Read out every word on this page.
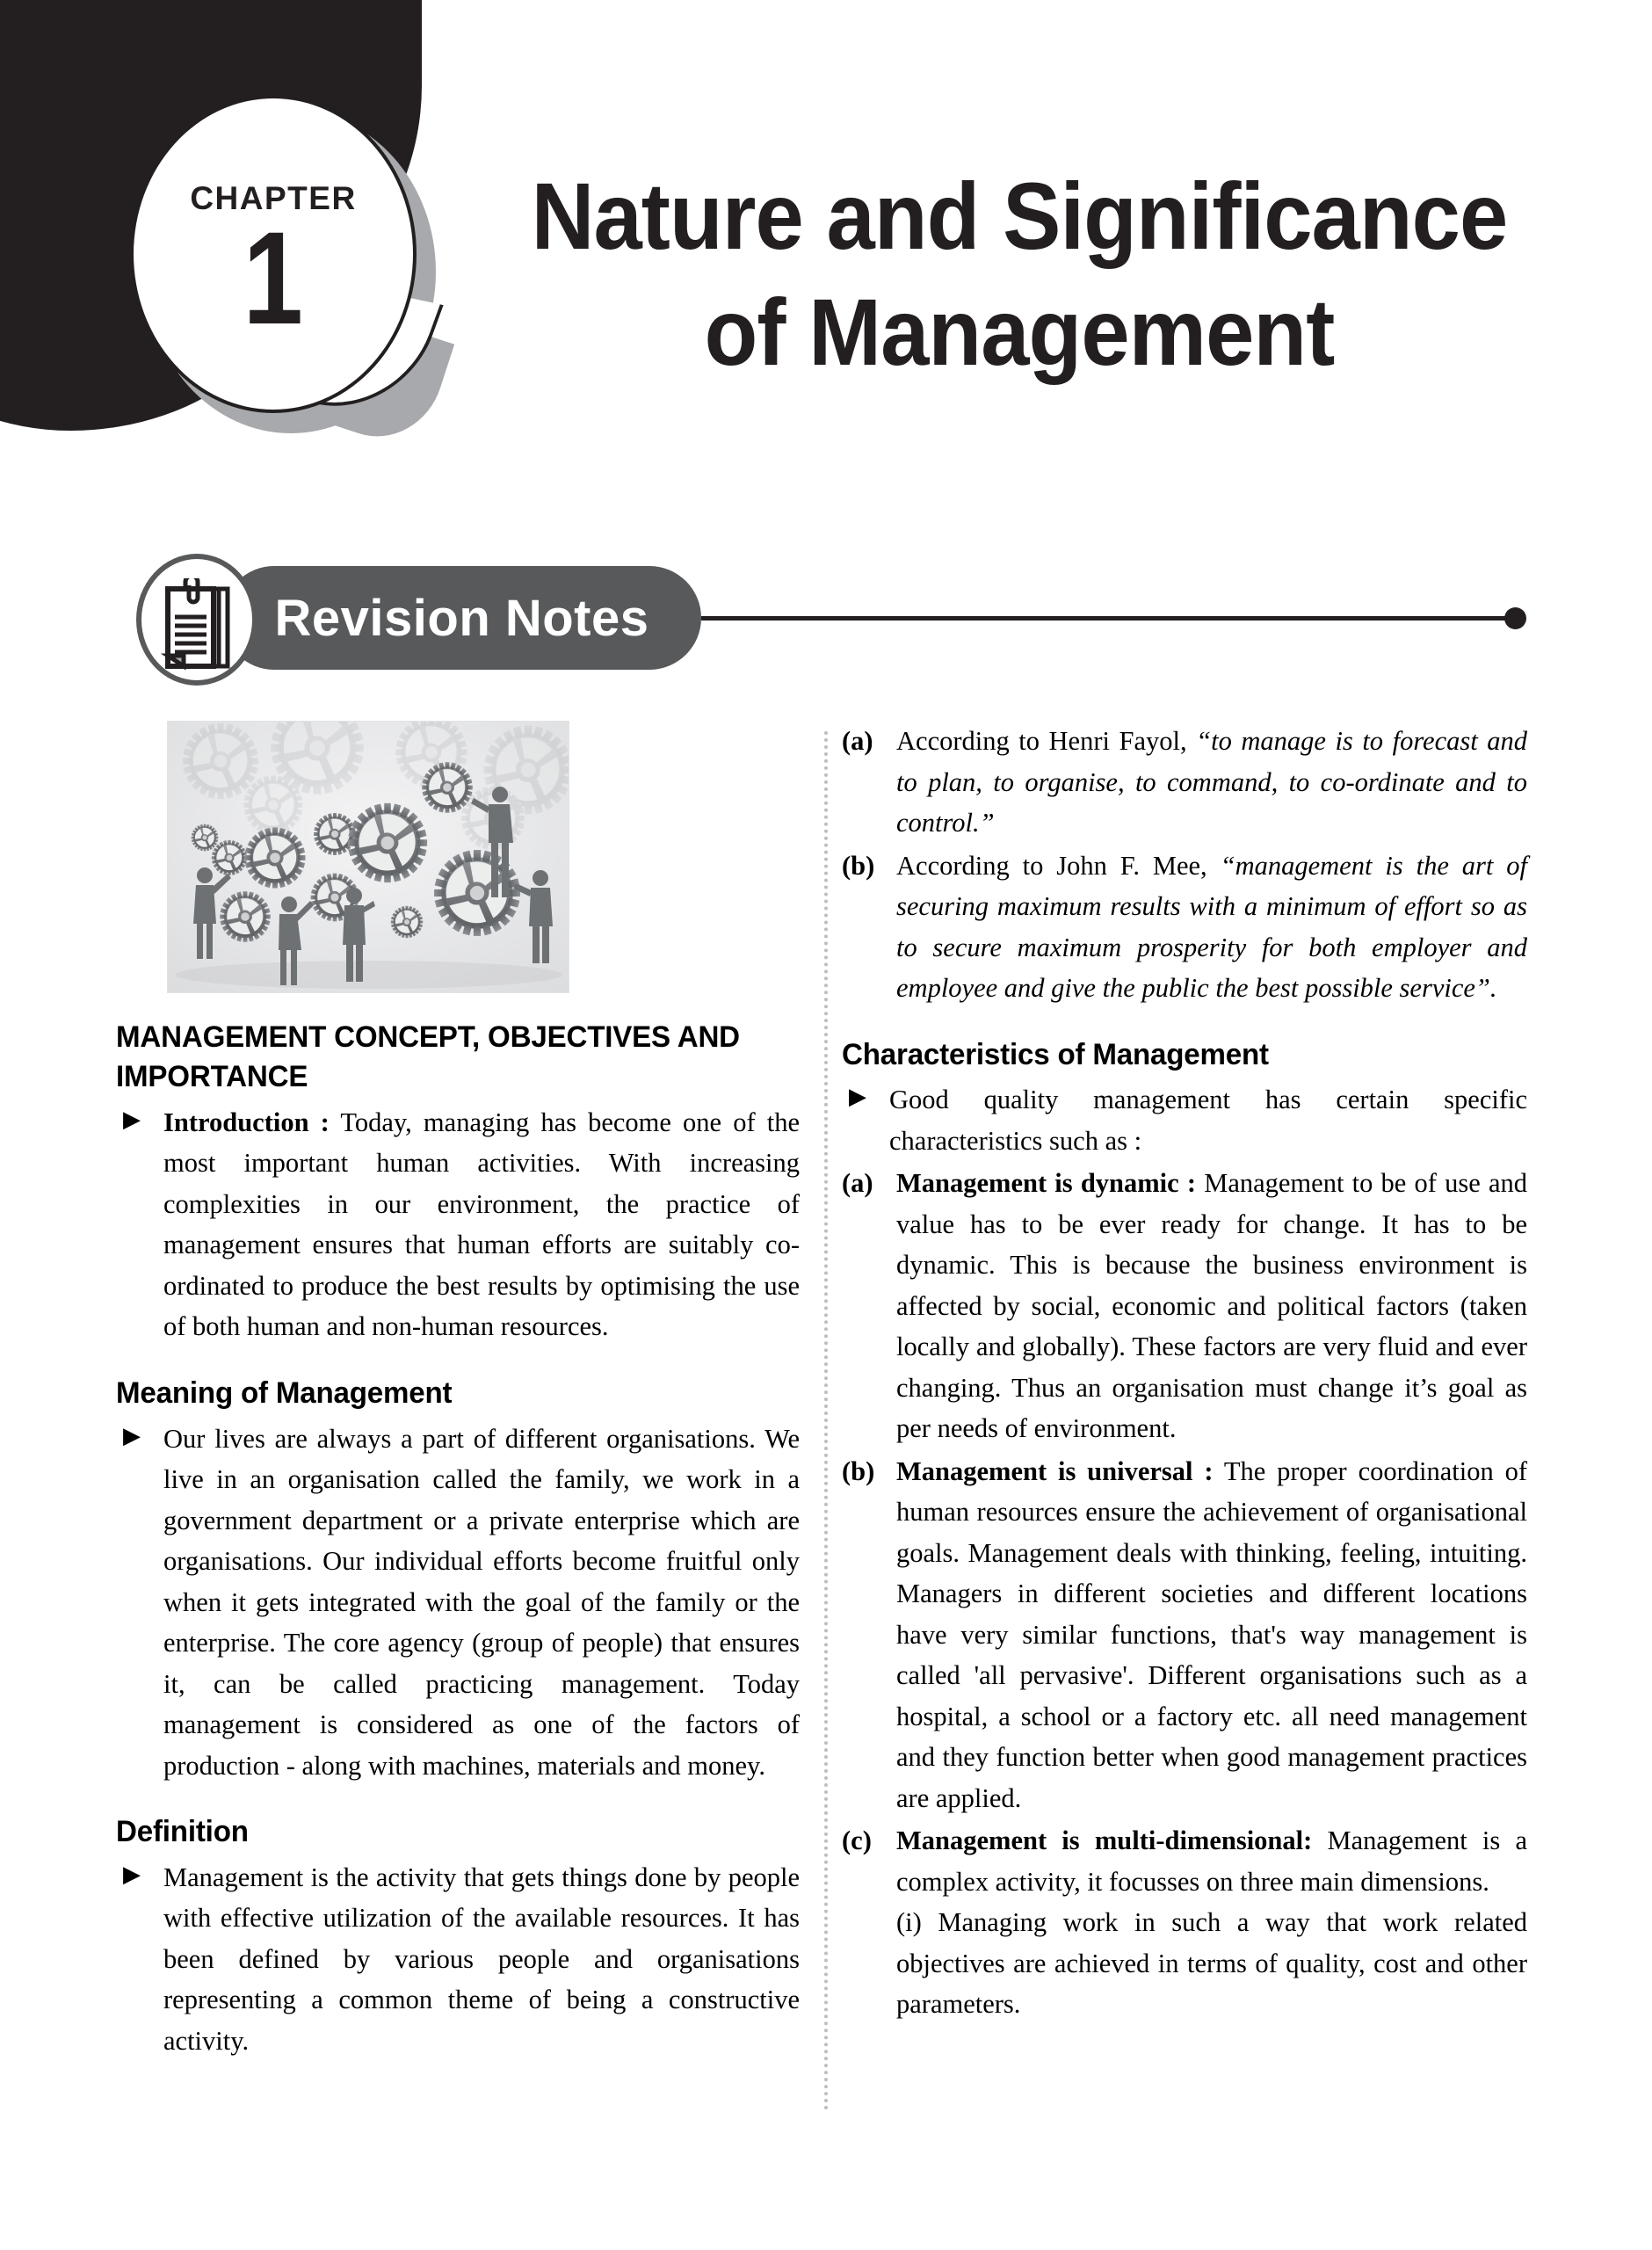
CHAPTER
1	Nature and Significance
of Management
Revision Notes
MANAGEMENT CONCEPT, OBJECTIVES AND IMPORTANCE
▶ Introduction : Today, managing has become one of the most important human activities. With increasing complexities in our environment, the practice of management ensures that human efforts are suitably co-ordinated to produce the best results by optimising the use of both human and non-human resources.
Meaning of Management
▶ Our lives are always a part of different organisations. We live in an organisation called the family, we work in a government department or a private enterprise which are organisations. Our individual efforts become fruitful only when it gets integrated with the goal of the family or the enterprise. The core agency (group of people) that ensures it, can be called practicing management. Today management is considered as one of the factors of production - along with machines, materials and money.
Definition
▶ Management is the activity that gets things done by people with effective utilization of the available resources. It has been defined by various people and organisations representing a common theme of being a constructive activity.
(a) According to Henri Fayol, “to manage is to forecast and to plan, to organise, to command, to co-ordinate and to control.”
(b) According to John F. Mee, “management is the art of securing maximum results with a minimum of effort so as to secure maximum prosperity for both employer and employee and give the public the best possible service”.
Characteristics of Management
▶ Good quality management has certain specific characteristics such as :
(a) Management is dynamic : Management to be of use and value has to be ever ready for change. It has to be dynamic. This is because the business environment is affected by social, economic and political factors (taken locally and globally). These factors are very fluid and ever changing. Thus an organisation must change it’s goal as per needs of environment.
(b) Management is universal : The proper coordination of human resources ensure the achievement of organisational goals. Management deals with thinking, feeling, intuiting. Managers in different societies and different locations have very similar functions, that's way management is called 'all pervasive'. Different organisations such as a hospital, a school or a factory etc. all need management and they function better when good management practices are applied.
(c) Management is multi-dimensional: Management is a complex activity, it focusses on three main dimensions.
(i) Managing work in such a way that work related objectives are achieved in terms of quality, cost and other parameters.
